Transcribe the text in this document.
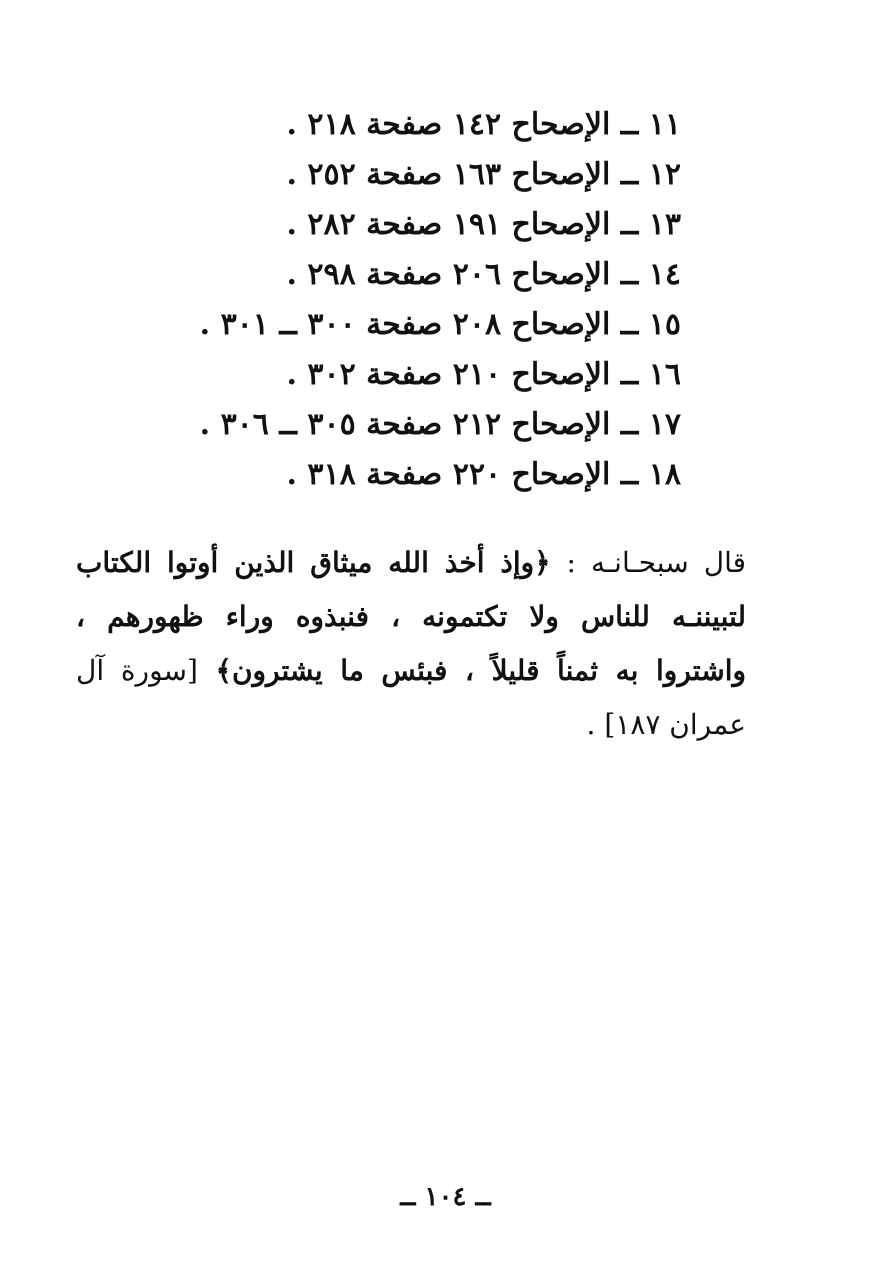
١١ ــ الإصحاح ١٤٢ صفحة ٢١٨ .
١٢ ــ الإصحاح ١٦٣ صفحة ٢٥٢ .
١٣ ــ الإصحاح ١٩١ صفحة ٢٨٢ .
١٤ ــ الإصحاح ٢٠٦ صفحة ٢٩٨ .
١٥ ــ الإصحاح ٢٠٨ صفحة ٣٠٠ ــ ٣٠١ .
١٦ ــ الإصحاح ٢١٠ صفحة ٣٠٢ .
١٧ ــ الإصحاح ٢١٢ صفحة ٣٠٥ ــ ٣٠٦ .
١٨ ــ الإصحاح ٢٢٠ صفحة ٣١٨ .

قال سبحـانـه : ﴿وإذ أخذ الله ميثاق الذين أوتوا الكتاب لتبيننـه للناس ولا تكتمونه ، فنبذوه وراء ظهورهم ، واشتروا به ثمناً قليلاً ، فبئس ما يشترون﴾ [سورة آل عمران ١٨٧] .

ــ ١٠٤ ــ
